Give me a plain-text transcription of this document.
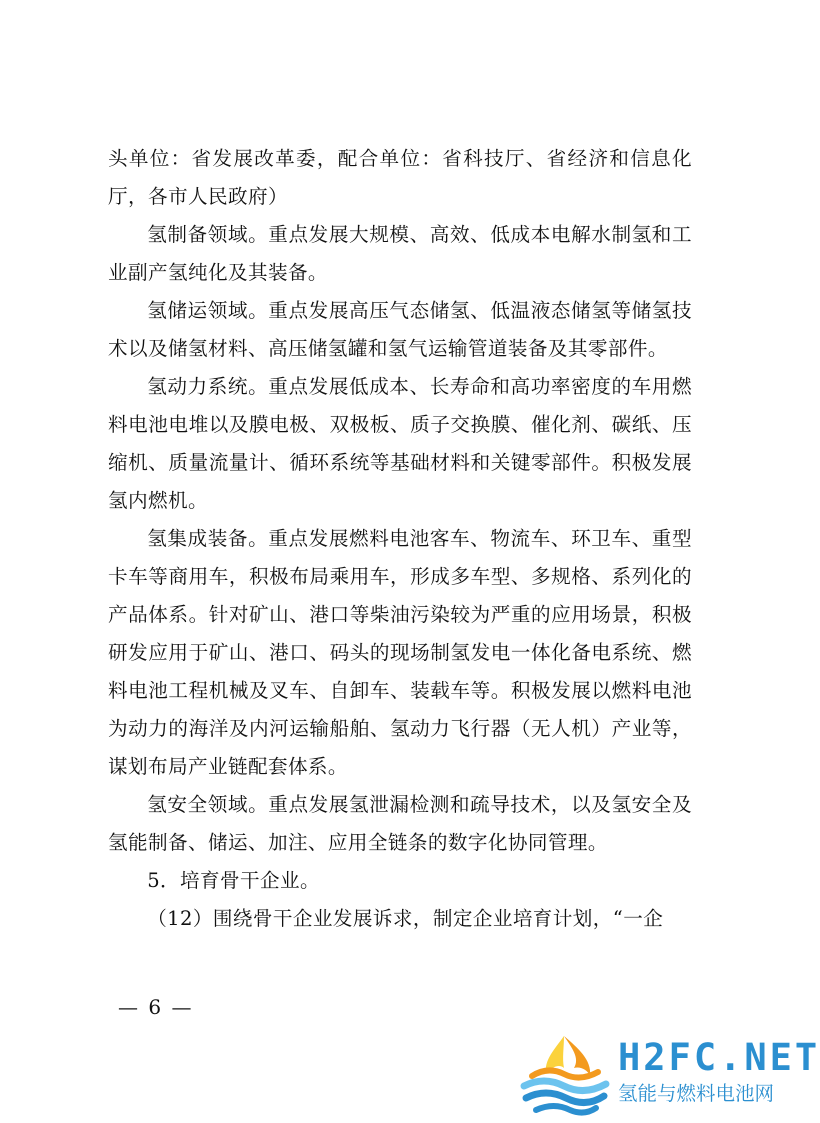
头单位：省发展改革委，配合单位：省科技厅、省经济和信息化厅，各市人民政府）

氢制备领域。重点发展大规模、高效、低成本电解水制氢和工业副产氢纯化及其装备。

氢储运领域。重点发展高压气态储氢、低温液态储氢等储氢技术以及储氢材料、高压储氢罐和氢气运输管道装备及其零部件。

氢动力系统。重点发展低成本、长寿命和高功率密度的车用燃料电池电堆以及膜电极、双极板、质子交换膜、催化剂、碳纸、压缩机、质量流量计、循环系统等基础材料和关键零部件。积极发展氢内燃机。

氢集成装备。重点发展燃料电池客车、物流车、环卫车、重型卡车等商用车，积极布局乘用车，形成多车型、多规格、系列化的产品体系。针对矿山、港口等柴油污染较为严重的应用场景，积极研发应用于矿山、港口、码头的现场制氢发电一体化备电系统、燃料电池工程机械及叉车、自卸车、装载车等。积极发展以燃料电池为动力的海洋及内河运输船舶、氢动力飞行器（无人机）产业等，谋划布局产业链配套体系。

氢安全领域。重点发展氢泄漏检测和疏导技术，以及氢安全及氢能制备、储运、加注、应用全链条的数字化协同管理。

5．培育骨干企业。

（12）围绕骨干企业发展诉求，制定企业培育计划，“一企

— 6 —
H2FC.NET
氢能与燃料电池网
